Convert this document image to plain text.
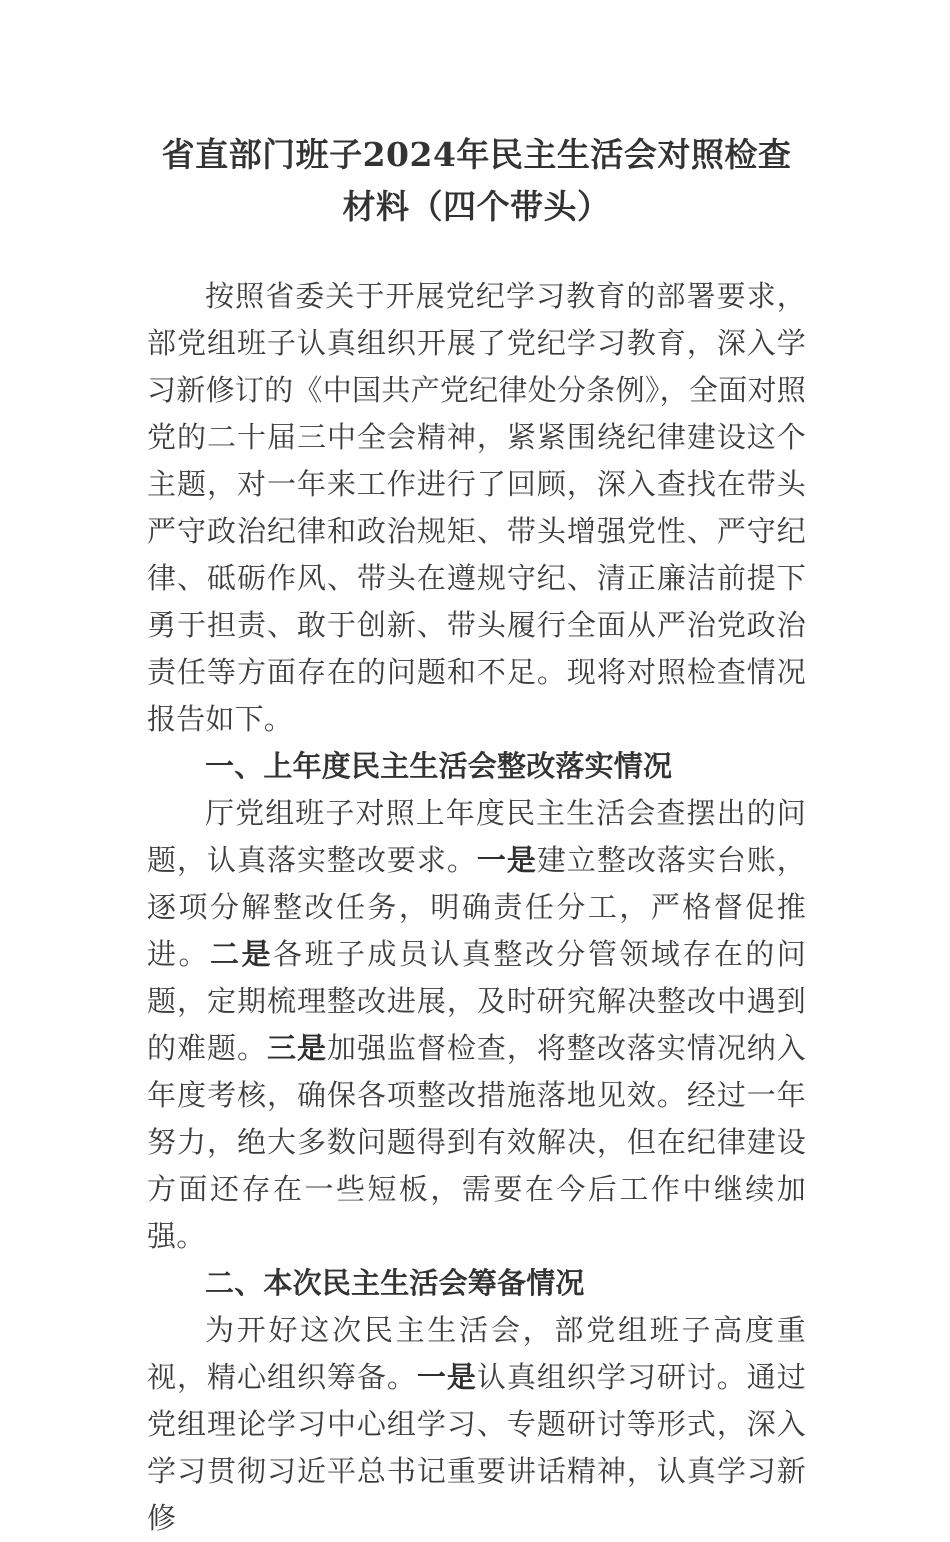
省直部门班子2024年民主生活会对照检查材料（四个带头）

按照省委关于开展党纪学习教育的部署要求，部党组班子认真组织开展了党纪学习教育，深入学习新修订的《中国共产党纪律处分条例》，全面对照党的二十届三中全会精神，紧紧围绕纪律建设这个主题，对一年来工作进行了回顾，深入查找在带头严守政治纪律和政治规矩、带头增强党性、严守纪律、砥砺作风、带头在遵规守纪、清正廉洁前提下勇于担责、敢于创新、带头履行全面从严治党政治责任等方面存在的问题和不足。现将对照检查情况报告如下。

一、上年度民主生活会整改落实情况

厅党组班子对照上年度民主生活会查摆出的问题，认真落实整改要求。一是建立整改落实台账，逐项分解整改任务，明确责任分工，严格督促推进。二是各班子成员认真整改分管领域存在的问题，定期梳理整改进展，及时研究解决整改中遇到的难题。三是加强监督检查，将整改落实情况纳入年度考核，确保各项整改措施落地见效。经过一年努力，绝大多数问题得到有效解决，但在纪律建设方面还存在一些短板，需要在今后工作中继续加强。

二、本次民主生活会筹备情况

为开好这次民主生活会，部党组班子高度重视，精心组织筹备。一是认真组织学习研讨。通过党组理论学习中心组学习、专题研讨等形式，深入学习贯彻习近平总书记重要讲话精神，认真学习新修
